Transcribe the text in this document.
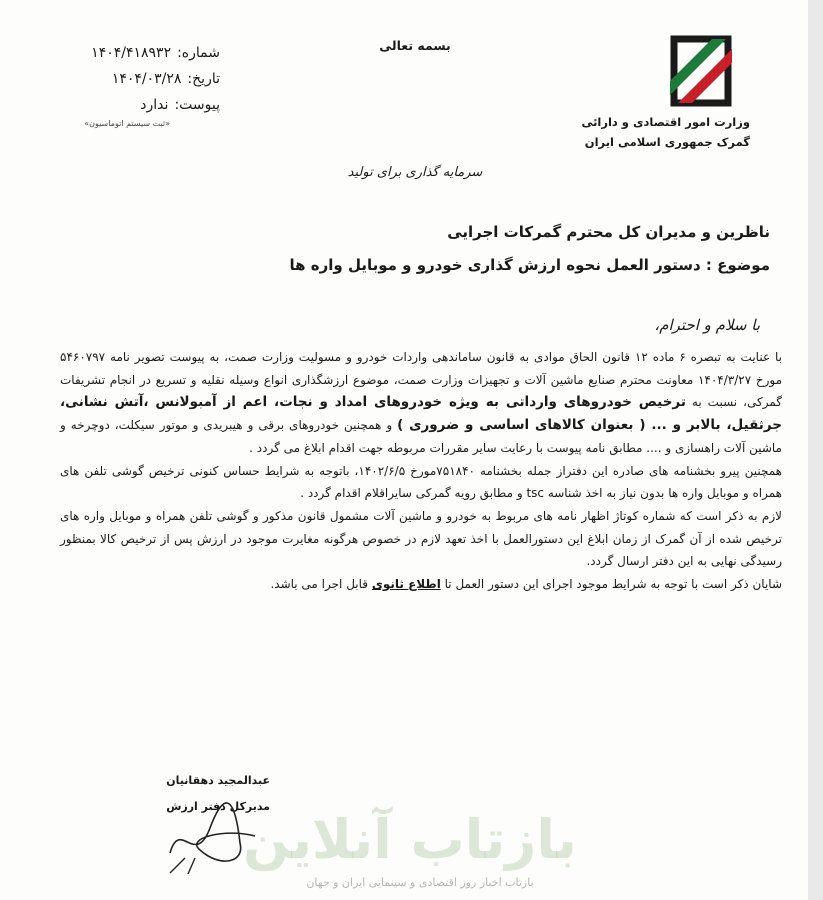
وزارت امور اقتصادی و دارائی
گمرک جمهوری اسلامی ایران
بسمه تعالی
شماره:
۱۴۰۴/۴۱۸۹۳۲
تاریخ:
۱۴۰۴/۰۳/۲۸
پیوست:
ندارد
«ثبت سیستم اتوماسیون»
سرمایه گذاری برای تولید
ناظرین و مدیران کل محترم گمرکات اجرایی
موضوع : دستور العمل نحوه ارزش گذاری خودرو و موبایل واره ها
با سلام و احترام،

با عنایت به تبصره ۶ ماده ۱۲ قانون الحاق موادی به قانون ساماندهی واردات خودرو و مسولیت وزارت صمت، به پیوست تصویر نامه ۵۴۶۰۷۹۷ مورخ ۱۴۰۴/۳/۲۷ معاونت محترم صنایع ماشین آلات و تجهیزات وزارت صمت، موضوع ارزشگذاری انواع وسیله نقلیه و تسریع در انجام تشریفات گمرکی، نسبت به ترخیص خودروهای وارداتی به ویژه خودروهای امداد و نجات، اعم از آمبولانس ،آتش نشانی، جرثقیل، بالابر و ... ( بعنوان کالاهای اساسی و ضروری ) و همچنین خودروهای برقی و هیبریدی و موتور سیکلت، دوچرخه و ماشین آلات راهسازی و .... مطابق نامه پیوست با رعایت سایر مقررات مربوطه جهت اقدام ابلاغ می گردد .

همچنین پیرو بخشنامه های صادره این دفتراز جمله بخشنامه ۷۵۱۸۴۰مورخ ۱۴۰۲/۶/۵، باتوجه به شرایط حساس کنونی ترخیص گوشی تلفن های همراه و موبایل واره ها بدون نیاز به اخذ شناسه tsc و مطابق رویه گمرکی سایراقلام اقدام گردد .

لازم به ذکر است که شماره کوتاژ اظهار نامه های مربوط به خودرو و ماشین آلات مشمول قانون مذکور و گوشی تلفن همراه و موبایل واره های ترخیص شده از آن گمرک از زمان ابلاغ این دستورالعمل با اخذ تعهد لازم در خصوص هرگونه مغایرت موجود در ارزش پس از ترخیص کالا بمنظور رسیدگی نهایی به این دفتر ارسال گردد.

شایان ذکر است با توجه به شرایط موجود اجرای این دستور العمل تا اطلاع ثانوی قابل اجرا می باشد.

عبدالمجید دهقانیان
مدیرکل دفتر ارزش
بازتاب آنلاین
بازتاب اخبار روز اقتصادی و سینمایی ایران و جهان
